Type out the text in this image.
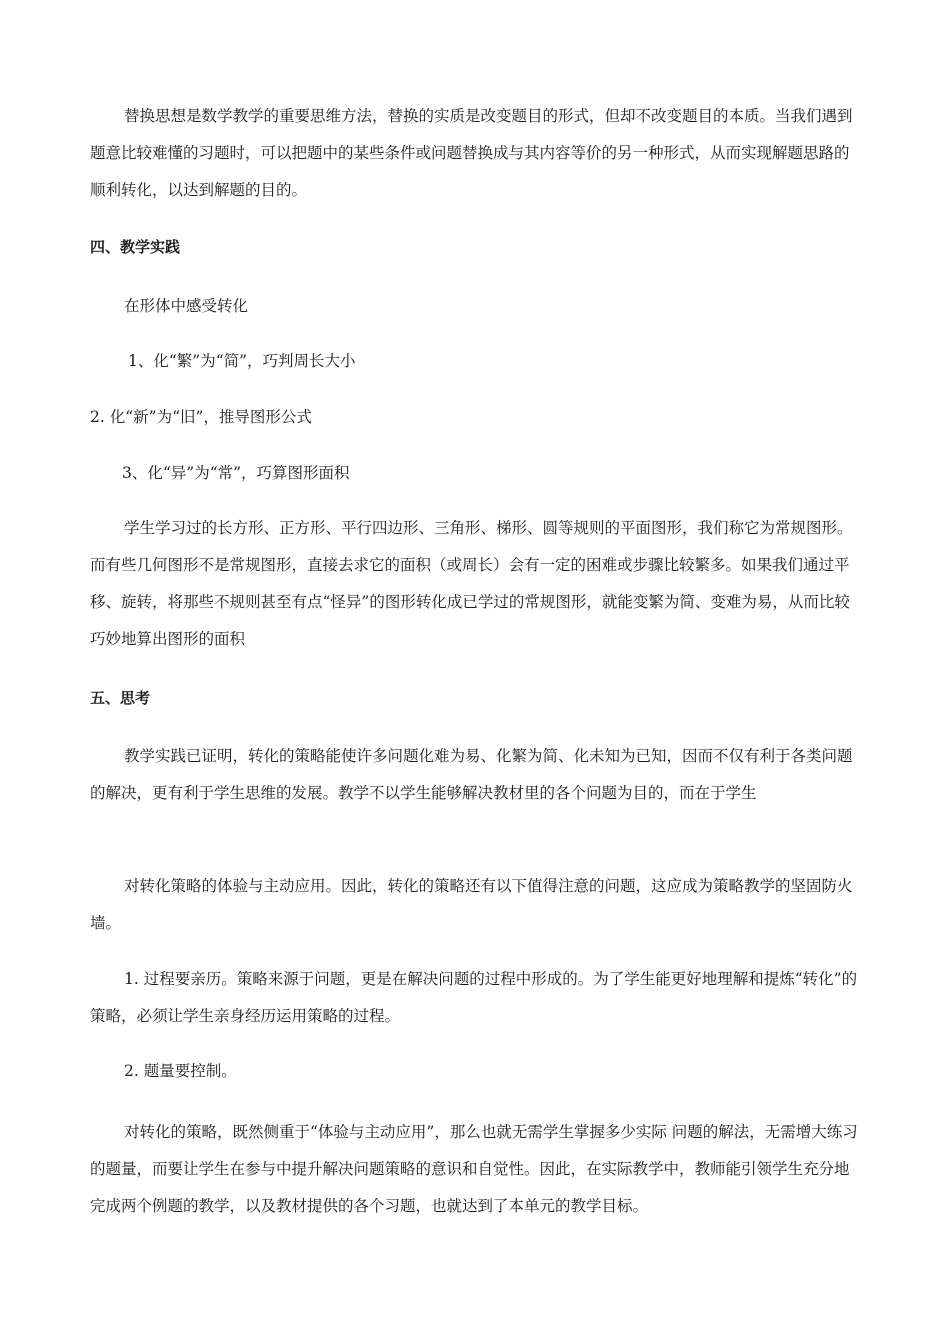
替换思想是数学教学的重要思维方法，替换的实质是改变题目的形式，但却不改变题目的本质。当我们遇到题意比较难懂的习题时，可以把题中的某些条件或问题替换成与其内容等价的另一种形式，从而实现解题思路的顺利转化，以达到解题的目的。

四、教学实践

在形体中感受转化

1、化“繁”为“简”，巧判周长大小

2. 化“新”为“旧”，推导图形公式

3、化“异”为“常”，巧算图形面积

学生学习过的长方形、正方形、平行四边形、三角形、梯形、圆等规则的平面图形，我们称它为常规图形。而有些几何图形不是常规图形，直接去求它的面积（或周长）会有一定的困难或步骤比较繁多。如果我们通过平移、旋转，将那些不规则甚至有点“怪异”的图形转化成已学过的常规图形，就能变繁为简、变难为易，从而比较巧妙地算出图形的面积

五、思考

教学实践已证明，转化的策略能使许多问题化难为易、化繁为简、化未知为已知，因而不仅有利于各类问题的解决，更有利于学生思维的发展。教学不以学生能够解决教材里的各个问题为目的，而在于学生

对转化策略的体验与主动应用。因此，转化的策略还有以下值得注意的问题，这应成为策略教学的坚固防火墙。

1. 过程要亲历。策略来源于问题，更是在解决问题的过程中形成的。为了学生能更好地理解和提炼“转化”的策略，必须让学生亲身经历运用策略的过程。

2. 题量要控制。

对转化的策略，既然侧重于“体验与主动应用”，那么也就无需学生掌握多少实际 问题的解法，无需增大练习的题量，而要让学生在参与中提升解决问题策略的意识和自觉性。因此，在实际教学中，教师能引领学生充分地完成两个例题的教学，以及教材提供的各个习题，也就达到了本单元的教学目标。
